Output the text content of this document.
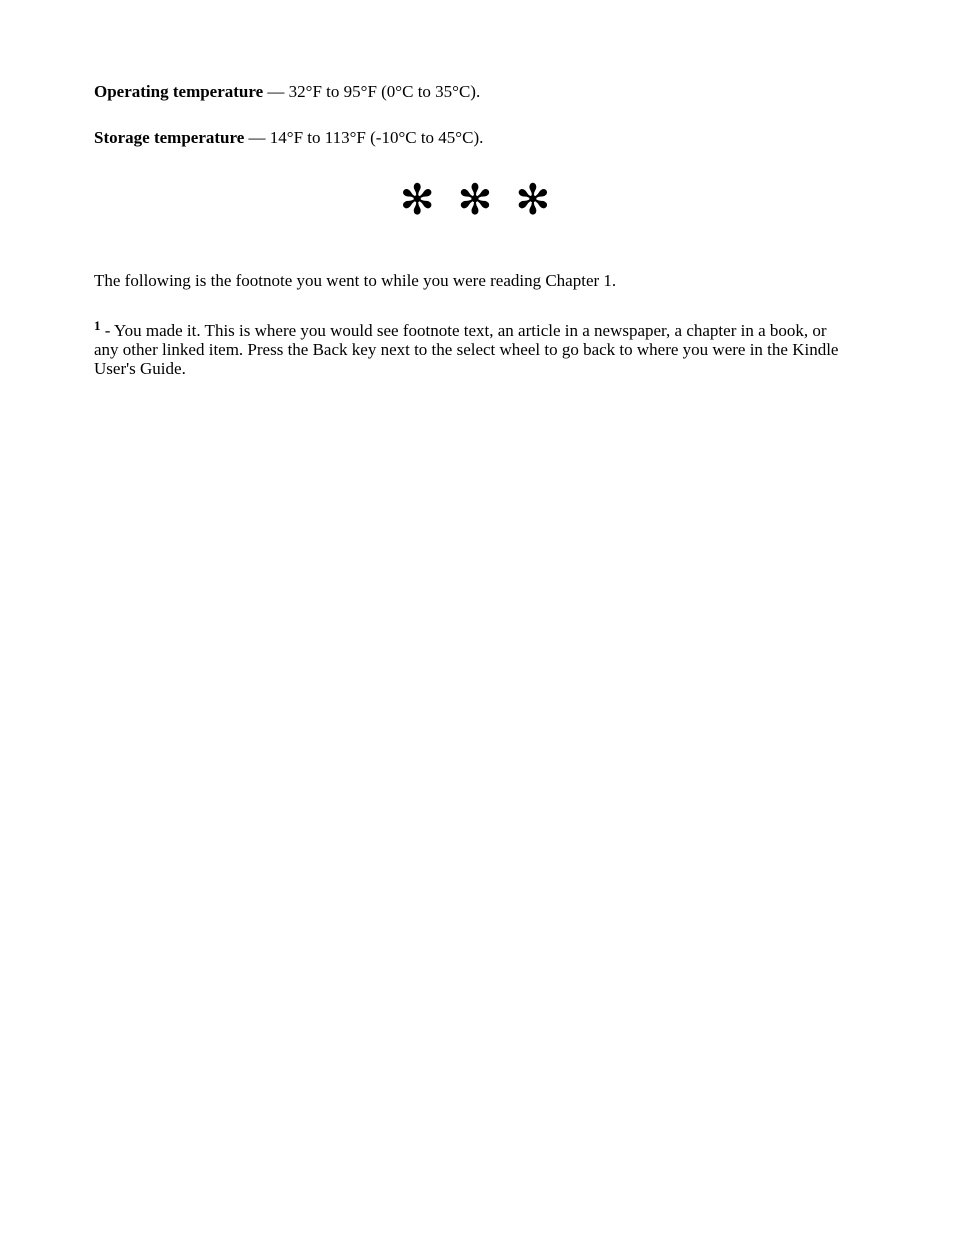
Operating temperature — 32°F to 95°F (0°C to 35°C).

Storage temperature — 14°F to 113°F (-10°C to 45°C).

✻ ✻ ✻

The following is the footnote you went to while you were reading Chapter 1.

$^1$ - You made it. This is where you would see footnote text, an article in a newspaper, a chapter in a book, or any other linked item. Press the Back key next to the select wheel to go back to where you were in the Kindle User's Guide.
